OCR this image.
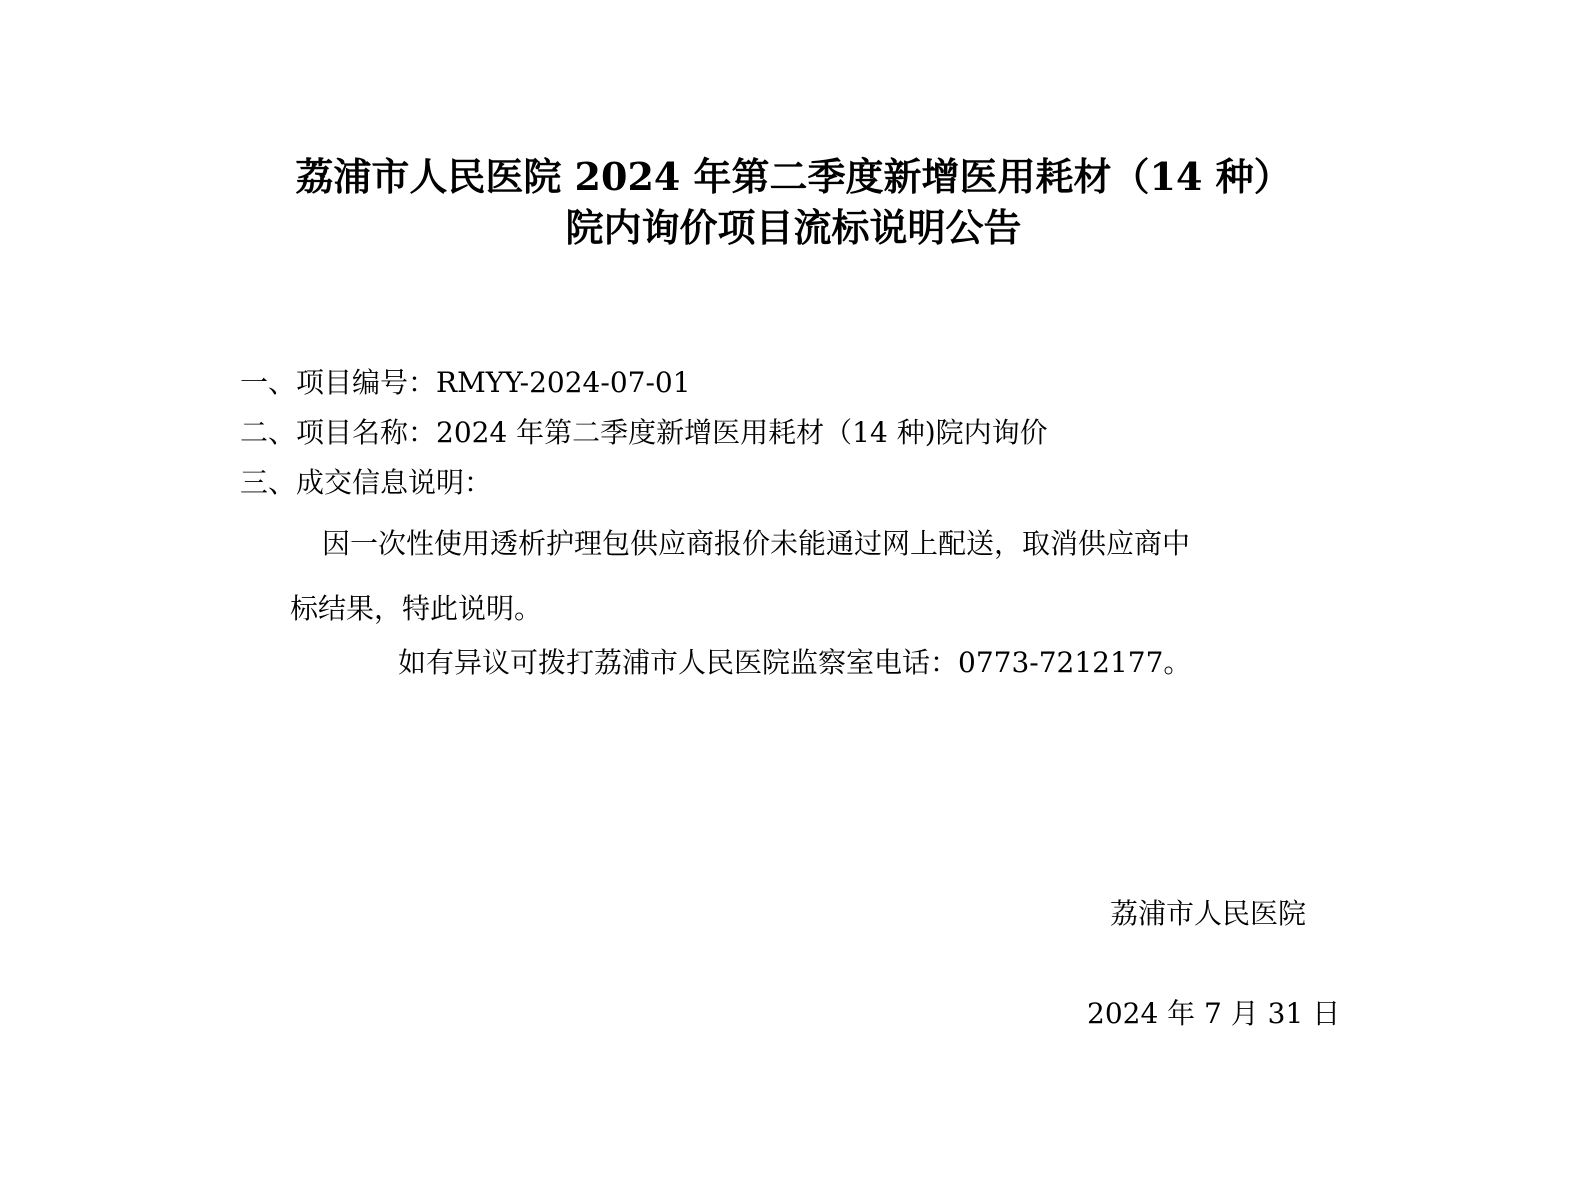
荔浦市人民医院 2024 年第二季度新增医用耗材（14 种）
院内询价项目流标说明公告
一、项目编号：RMYY-2024-07-01
二、项目名称：2024 年第二季度新增医用耗材（14 种)院内询价
三、成交信息说明：
因一次性使用透析护理包供应商报价未能通过网上配送，取消供应商中
标结果，特此说明。
如有异议可拨打荔浦市人民医院监察室电话：0773-7212177。
荔浦市人民医院
2024 年 7 月 31 日
